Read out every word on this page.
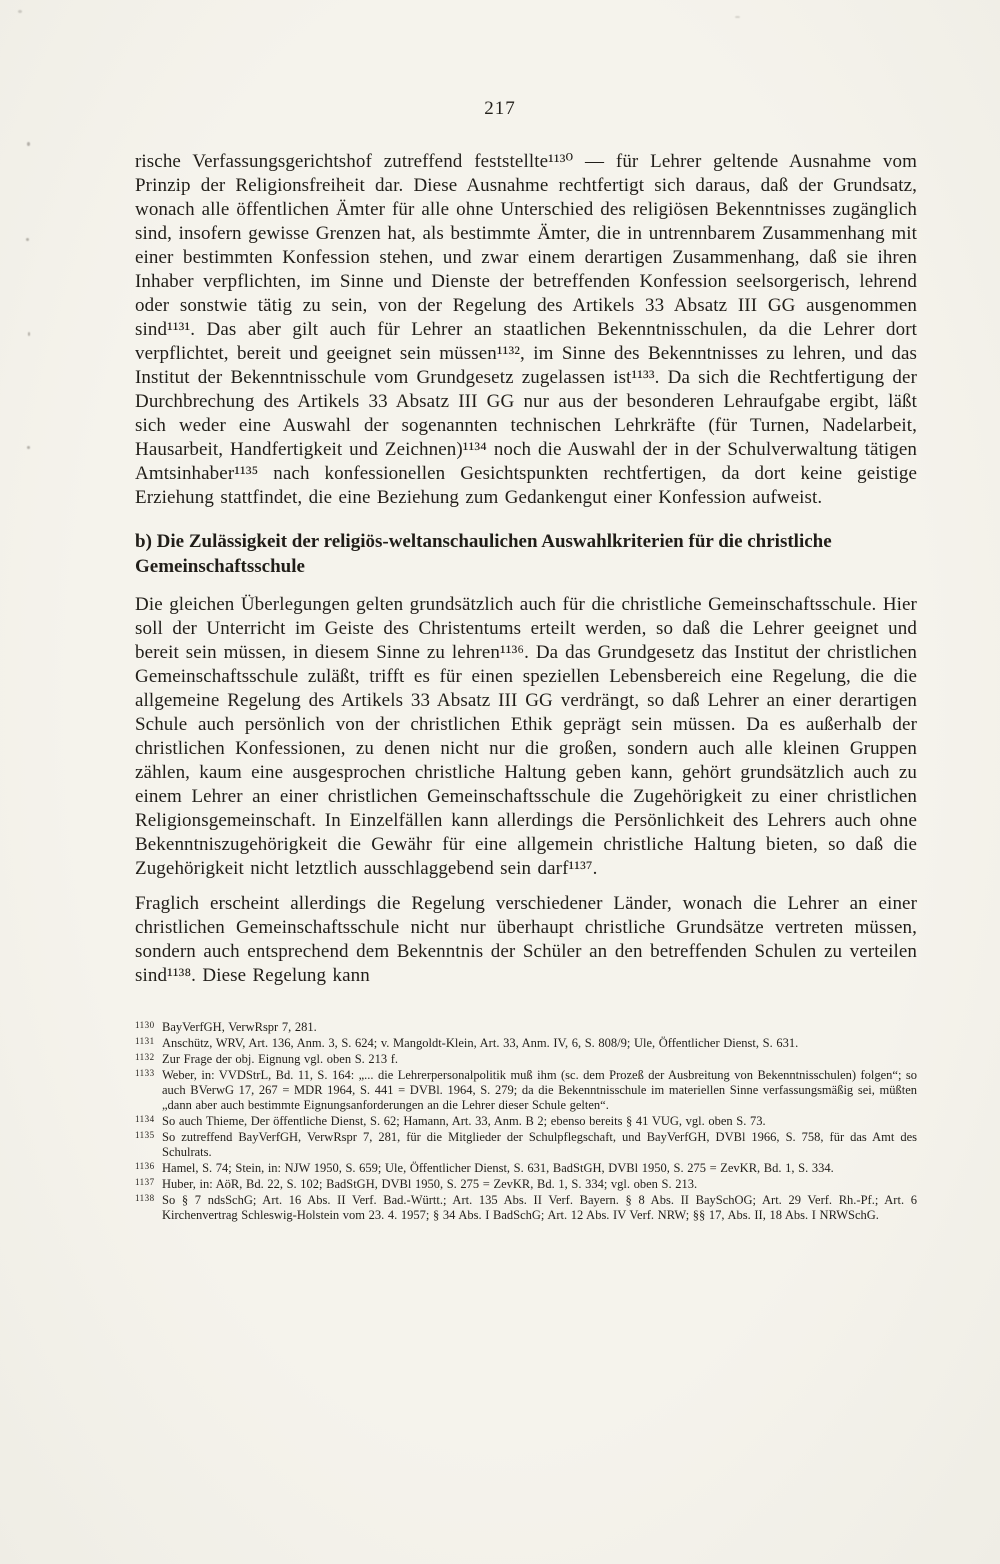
217

rische Verfassungsgerichtshof zutreffend feststellte¹¹³⁰ — für Lehrer geltende Ausnahme vom Prinzip der Religionsfreiheit dar. Diese Ausnahme rechtfertigt sich daraus, daß der Grundsatz, wonach alle öffentlichen Ämter für alle ohne Unterschied des religiösen Bekenntnisses zugänglich sind, insofern gewisse Grenzen hat, als bestimmte Ämter, die in untrennbarem Zusammenhang mit einer bestimmten Konfession stehen, und zwar einem derartigen Zusammenhang, daß sie ihren Inhaber verpflichten, im Sinne und Dienste der betreffenden Konfession seelsorgerisch, lehrend oder sonstwie tätig zu sein, von der Regelung des Artikels 33 Absatz III GG ausgenommen sind¹¹³¹. Das aber gilt auch für Lehrer an staatlichen Bekenntnisschulen, da die Lehrer dort verpflichtet, bereit und geeignet sein müssen¹¹³², im Sinne des Bekenntnisses zu lehren, und das Institut der Bekenntnisschule vom Grundgesetz zugelassen ist¹¹³³. Da sich die Rechtfertigung der Durchbrechung des Artikels 33 Absatz III GG nur aus der besonderen Lehraufgabe ergibt, läßt sich weder eine Auswahl der sogenannten technischen Lehrkräfte (für Turnen, Nadelarbeit, Hausarbeit, Handfertigkeit und Zeichnen)¹¹³⁴ noch die Auswahl der in der Schulverwaltung tätigen Amtsinhaber¹¹³⁵ nach konfessionellen Gesichtspunkten rechtfertigen, da dort keine geistige Erziehung stattfindet, die eine Beziehung zum Gedankengut einer Konfession aufweist.

b) Die Zulässigkeit der religiös-weltanschaulichen Auswahlkriterien für die christliche Gemeinschaftsschule

Die gleichen Überlegungen gelten grundsätzlich auch für die christliche Gemeinschaftsschule. Hier soll der Unterricht im Geiste des Christentums erteilt werden, so daß die Lehrer geeignet und bereit sein müssen, in diesem Sinne zu lehren¹¹³⁶. Da das Grundgesetz das Institut der christlichen Gemeinschaftsschule zuläßt, trifft es für einen speziellen Lebensbereich eine Regelung, die die allgemeine Regelung des Artikels 33 Absatz III GG verdrängt, so daß Lehrer an einer derartigen Schule auch persönlich von der christlichen Ethik geprägt sein müssen. Da es außerhalb der christlichen Konfessionen, zu denen nicht nur die großen, sondern auch alle kleinen Gruppen zählen, kaum eine ausgesprochen christliche Haltung geben kann, gehört grundsätzlich auch zu einem Lehrer an einer christlichen Gemeinschaftsschule die Zugehörigkeit zu einer christlichen Religionsgemeinschaft. In Einzelfällen kann allerdings die Persönlichkeit des Lehrers auch ohne Bekenntniszugehörigkeit die Gewähr für eine allgemein christliche Haltung bieten, so daß die Zugehörigkeit nicht letztlich ausschlaggebend sein darf¹¹³⁷.

Fraglich erscheint allerdings die Regelung verschiedener Länder, wonach die Lehrer an einer christlichen Gemeinschaftsschule nicht nur überhaupt christliche Grundsätze vertreten müssen, sondern auch entsprechend dem Bekenntnis der Schüler an den betreffenden Schulen zu verteilen sind¹¹³⁸. Diese Regelung kann

1130 BayVerfGH, VerwRspr 7, 281.
1131 Anschütz, WRV, Art. 136, Anm. 3, S. 624; v. Mangoldt-Klein, Art. 33, Anm. IV, 6, S. 808/9; Ule, Öffentlicher Dienst, S. 631.
1132 Zur Frage der obj. Eignung vgl. oben S. 213 f.
1133 Weber, in: VVDStrL, Bd. 11, S. 164: „... die Lehrerpersonalpolitik muß ihm (sc. dem Prozeß der Ausbreitung von Bekenntnisschulen) folgen“; so auch BVerwG 17, 267 = MDR 1964, S. 441 = DVBl. 1964, S. 279; da die Bekenntnisschule im materiellen Sinne verfassungsmäßig sei, müßten „dann aber auch bestimmte Eignungsanforderungen an die Lehrer dieser Schule gelten“.
1134 So auch Thieme, Der öffentliche Dienst, S. 62; Hamann, Art. 33, Anm. B 2; ebenso bereits § 41 VUG, vgl. oben S. 73.
1135 So zutreffend BayVerfGH, VerwRspr 7, 281, für die Mitglieder der Schulpflegschaft, und BayVerfGH, DVBl 1966, S. 758, für das Amt des Schulrats.
1136 Hamel, S. 74; Stein, in: NJW 1950, S. 659; Ule, Öffentlicher Dienst, S. 631, BadStGH, DVBl 1950, S. 275 = ZevKR, Bd. 1, S. 334.
1137 Huber, in: AöR, Bd. 22, S. 102; BadStGH, DVBl 1950, S. 275 = ZevKR, Bd. 1, S. 334; vgl. oben S. 213.
1138 So § 7 ndsSchG; Art. 16 Abs. II Verf. Bad.-Württ.; Art. 135 Abs. II Verf. Bayern. § 8 Abs. II BaySchOG; Art. 29 Verf. Rh.-Pf.; Art. 6 Kirchenvertrag Schleswig-Holstein vom 23. 4. 1957; § 34 Abs. I BadSchG; Art. 12 Abs. IV Verf. NRW; §§ 17, Abs. II, 18 Abs. I NRWSchG.
